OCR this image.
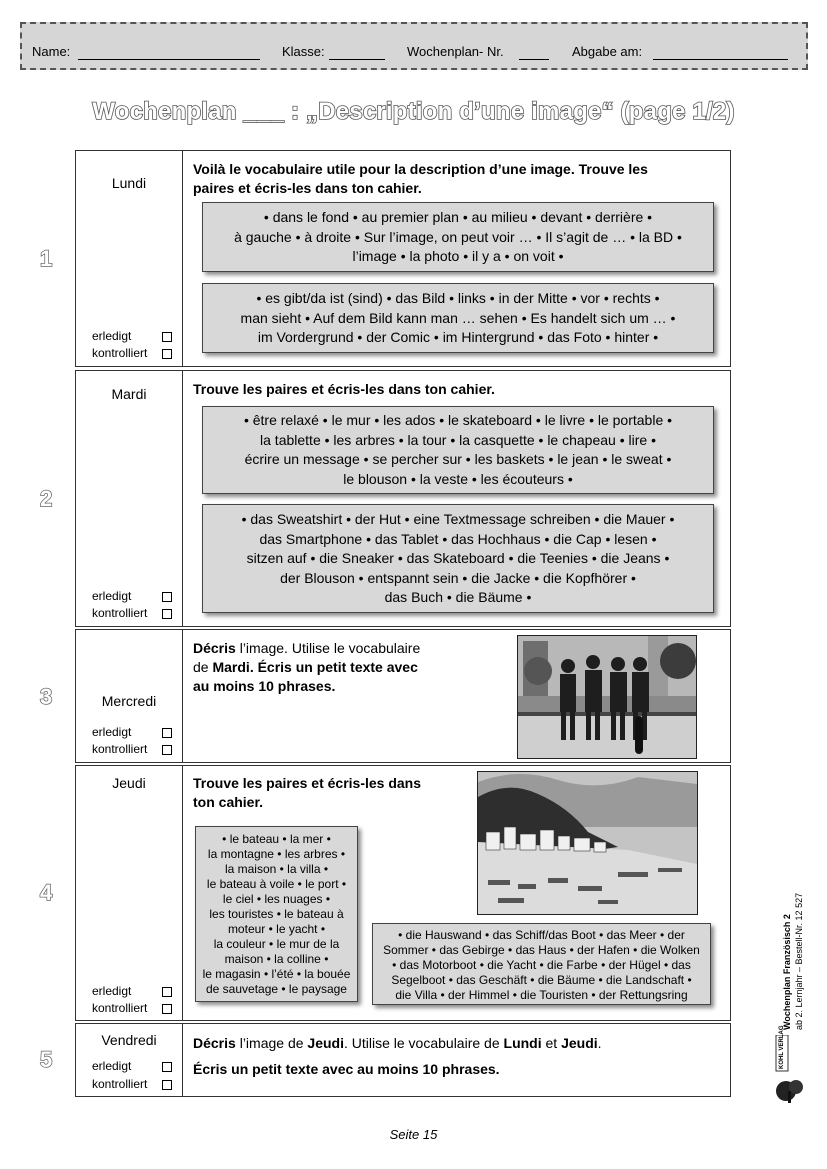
Name:	Klasse:	Wochenplan- Nr.	Abgabe am:
Wochenplan ___ : „Description d’une image“ (page 1/2)
Lundi
erledigt
kontrolliert
Voilà le vocabulaire utile pour la description d’une image. Trouve les
paires et écris-les dans ton cahier.
• dans le fond • au premier plan • au milieu • devant • derrière •
à gauche • à droite • Sur l’image, on peut voir … • Il s’agit de … • la BD •
l’image • la photo • il y a • on voit •
• es gibt/da ist (sind) • das Bild • links • in der Mitte • vor • rechts •
man sieht • Auf dem Bild kann man … sehen • Es handelt sich um … •
im Vordergrund • der Comic • im Hintergrund • das Foto • hinter •
1
Mardi
erledigt
kontrolliert
Trouve les paires et écris-les dans ton cahier.
• être relaxé • le mur • les ados • le skateboard • le livre • le portable •
la tablette • les arbres • la tour • la casquette • le chapeau • lire •
écrire un message • se percher sur • les baskets • le jean • le sweat •
le blouson • la veste • les écouteurs •
• das Sweatshirt • der Hut • eine Textmessage schreiben • die Mauer •
das Smartphone • das Tablet • das Hochhaus • die Cap • lesen •
sitzen auf • die Sneaker • das Skateboard • die Teenies • die Jeans •
der Blouson • entspannt sein • die Jacke • die Kopfhörer •
das Buch • die Bäume •
2
Mercredi
erledigt
kontrolliert
Décris l’image. Utilise le vocabulaire
de Mardi. Écris un petit texte avec
au moins 10 phrases.
3
Jeudi
erledigt
kontrolliert
Trouve les paires et écris-les dans
ton cahier.
• le bateau • la mer •
la montagne • les arbres •
la maison • la villa •
le bateau à voile • le port •
le ciel • les nuages •
les touristes • le bateau à
moteur • le yacht •
la couleur • le mur de la
maison • la colline •
le magasin • l’été • la bouée
de sauvetage • le paysage
• die Hauswand • das Schiff/das Boot • das Meer • der
Sommer • das Gebirge • das Haus • der Hafen • die Wolken
• das Motorboot • die Yacht • die Farbe • der Hügel • das
Segelboot • das Geschäft • die Bäume • die Landschaft •
die Villa • der Himmel • die Touristen • der Rettungsring
4
Vendredi
erledigt
kontrolliert
Décris l’image de Jeudi. Utilise le vocabulaire de Lundi et Jeudi.
Écris un petit texte avec au moins 10 phrases.
5
Wochenplan Französisch 2 ab 2. Lernjahr – Bestell-Nr. 12 527
KOHL VERLAG
Seite 15
